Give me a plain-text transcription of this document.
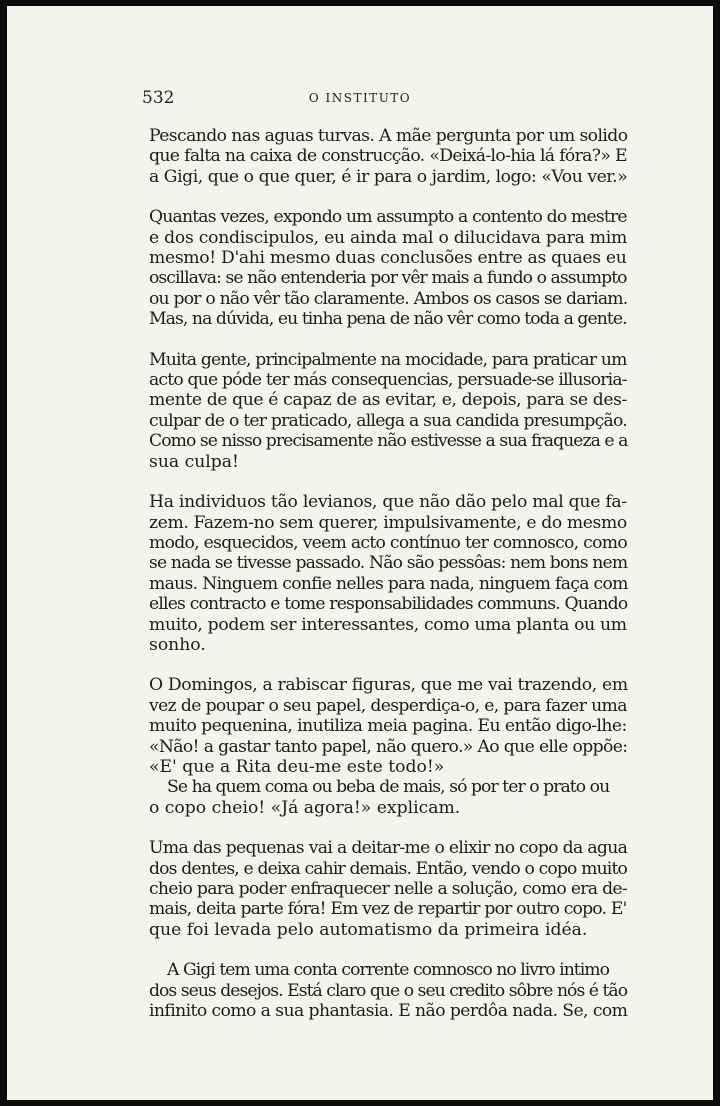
532	O INSTITUTO
Pescando nas aguas turvas. A mãe pergunta por um solido
que falta na caixa de construcção. «Deixá-lo-hia lá fóra?» E
a Gigi, que o que quer, é ir para o jardim, logo: «Vou ver.»
Quantas vezes, expondo um assumpto a contento do mestre
e dos condiscipulos, eu ainda mal o dilucidava para mim
mesmo! D'ahi mesmo duas conclusões entre as quaes eu
oscillava: se não entenderia por vêr mais a fundo o assumpto
ou por o não vêr tão claramente. Ambos os casos se dariam.
Mas, na dúvida, eu tinha pena de não vêr como toda a gente.
Muita gente, principalmente na mocidade, para praticar um
acto que póde ter más consequencias, persuade-se illusoria-
mente de que é capaz de as evitar, e, depois, para se des-
culpar de o ter praticado, allega a sua candida presumpção.
Como se nisso precisamente não estivesse a sua fraqueza e a
sua culpa!
Ha individuos tão levianos, que não dão pelo mal que fa-
zem. Fazem-no sem querer, impulsivamente, e do mesmo
modo, esquecidos, veem acto contínuo ter comnosco, como
se nada se tivesse passado. Não são pessôas: nem bons nem
maus. Ninguem confie nelles para nada, ninguem faça com
elles contracto e tome responsabilidades communs. Quando
muito, podem ser interessantes, como uma planta ou um
sonho.
O Domingos, a rabiscar figuras, que me vai trazendo, em
vez de poupar o seu papel, desperdiça-o, e, para fazer uma
muito pequenina, inutiliza meia pagina. Eu então digo-lhe:
«Não! a gastar tanto papel, não quero.» Ao que elle oppõe:
«E' que a Rita deu-me este todo!»
Se ha quem coma ou beba de mais, só por ter o prato ou
o copo cheio! «Já agora!» explicam.
Uma das pequenas vai a deitar-me o elixir no copo da agua
dos dentes, e deixa cahir demais. Então, vendo o copo muito
cheio para poder enfraquecer nelle a solução, como era de-
mais, deita parte fóra! Em vez de repartir por outro copo. E'
que foi levada pelo automatismo da primeira idéa.
A Gigi tem uma conta corrente comnosco no livro intimo
dos seus desejos. Está claro que o seu credito sôbre nós é tão
infinito como a sua phantasia. E não perdôa nada. Se, com
